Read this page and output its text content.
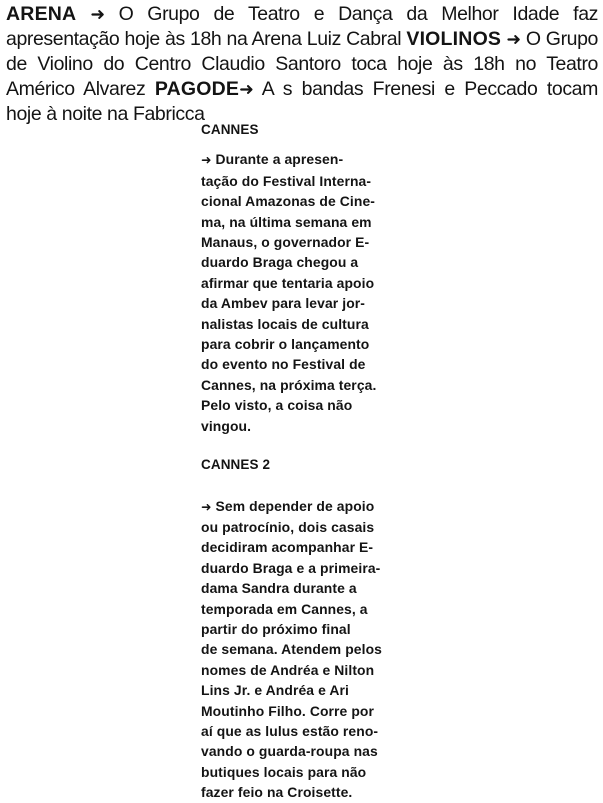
ARENA ➜ O Grupo de Teatro e Dança da Melhor Idade faz apresentação hoje às 18h na Arena Luiz Cabral VIOLINOS ➜ O Grupo de Violino do Centro Claudio Santoro toca hoje às 18h no Teatro Américo Alvarez PAGODE➜ A s bandas Frenesi e Peccado tocam hoje à noite na Fabricca
CANNES
➜ Durante a apresen-
tação do Festival Interna-
cional Amazonas de Cine-
ma, na última semana em
Manaus, o governador E-
duardo Braga chegou a
afirmar que tentaria apoio
da Ambev para levar jor-
nalistas locais de cultura
para cobrir o lançamento
do evento no Festival de
Cannes, na próxima terça.
Pelo visto, a coisa não
vingou.
CANNES 2
➜ Sem depender de apoio
ou patrocínio, dois casais
decidiram acompanhar E-
duardo Braga e a primeira-
dama Sandra durante a
temporada em Cannes, a
partir do próximo final
de semana. Atendem pelos
nomes de Andréa e Nilton
Lins Jr. e Andréa e Ari
Moutinho Filho. Corre por
aí que as lulus estão reno-
vando o guarda-roupa nas
butiques locais para não
fazer feio na Croisette.
